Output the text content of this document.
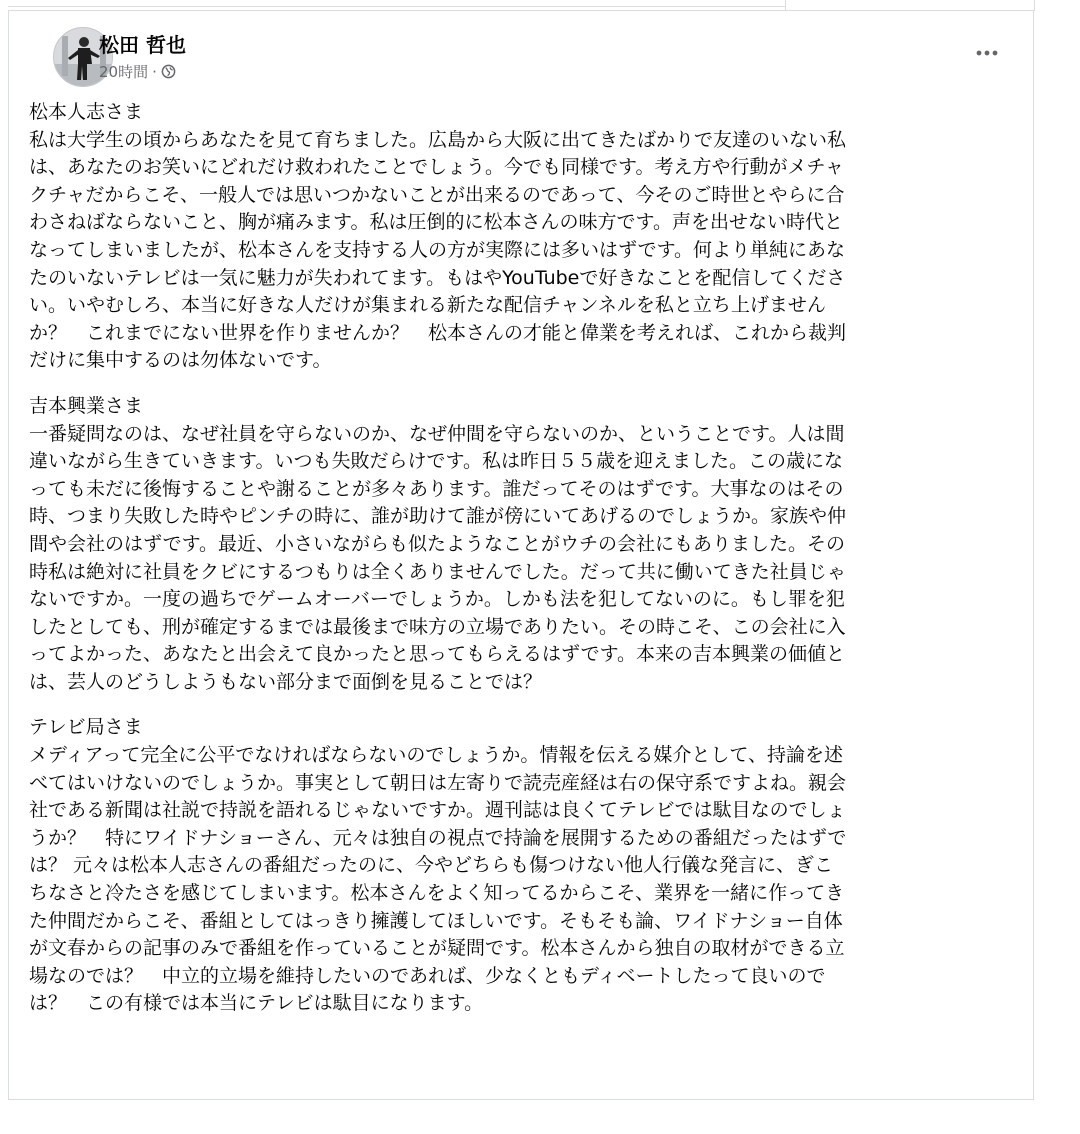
松田 哲也
20時間 ·
松本人志さま
私は大学生の頃からあなたを見て育ちました。広島から大阪に出てきたばかりで友達のいない私
は、あなたのお笑いにどれだけ救われたことでしょう。今でも同様です。考え方や行動がメチャ
クチャだからこそ、一般人では思いつかないことが出来るのであって、今そのご時世とやらに合
わさねばならないこと、胸が痛みます。私は圧倒的に松本さんの味方です。声を出せない時代と
なってしまいましたが、松本さんを支持する人の方が実際には多いはずです。何より単純にあな
たのいないテレビは一気に魅力が失われてます。もはやYouTubeで好きなことを配信してくださ
い。いやむしろ、本当に好きな人だけが集まれる新たな配信チャンネルを私と立ち上げません
か？　これまでにない世界を作りませんか？　松本さんの才能と偉業を考えれば、これから裁判
だけに集中するのは勿体ないです。
吉本興業さま
一番疑問なのは、なぜ社員を守らないのか、なぜ仲間を守らないのか、ということです。人は間
違いながら生きていきます。いつも失敗だらけです。私は昨日５５歳を迎えました。この歳にな
っても未だに後悔することや謝ることが多々あります。誰だってそのはずです。大事なのはその
時、つまり失敗した時やピンチの時に、誰が助けて誰が傍にいてあげるのでしょうか。家族や仲
間や会社のはずです。最近、小さいながらも似たようなことがウチの会社にもありました。その
時私は絶対に社員をクビにするつもりは全くありませんでした。だって共に働いてきた社員じゃ
ないですか。一度の過ちでゲームオーバーでしょうか。しかも法を犯してないのに。もし罪を犯
したとしても、刑が確定するまでは最後まで味方の立場でありたい。その時こそ、この会社に入
ってよかった、あなたと出会えて良かったと思ってもらえるはずです。本来の吉本興業の価値と
は、芸人のどうしようもない部分まで面倒を見ることでは？
テレビ局さま
メディアって完全に公平でなければならないのでしょうか。情報を伝える媒介として、持論を述
べてはいけないのでしょうか。事実として朝日は左寄りで読売産経は右の保守系ですよね。親会
社である新聞は社説で持説を語れるじゃないですか。週刊誌は良くてテレビでは駄目なのでしょ
うか？　特にワイドナショーさん、元々は独自の視点で持論を展開するための番組だったはずで
は？ 元々は松本人志さんの番組だったのに、今やどちらも傷つけない他人行儀な発言に、ぎこ
ちなさと冷たさを感じてしまいます。松本さんをよく知ってるからこそ、業界を一緒に作ってき
た仲間だからこそ、番組としてはっきり擁護してほしいです。そもそも論、ワイドナショー自体
が文春からの記事のみで番組を作っていることが疑問です。松本さんから独自の取材ができる立
場なのでは？　中立的立場を維持したいのであれば、少なくともディベートしたって良いので
は？　この有様では本当にテレビは駄目になります。
